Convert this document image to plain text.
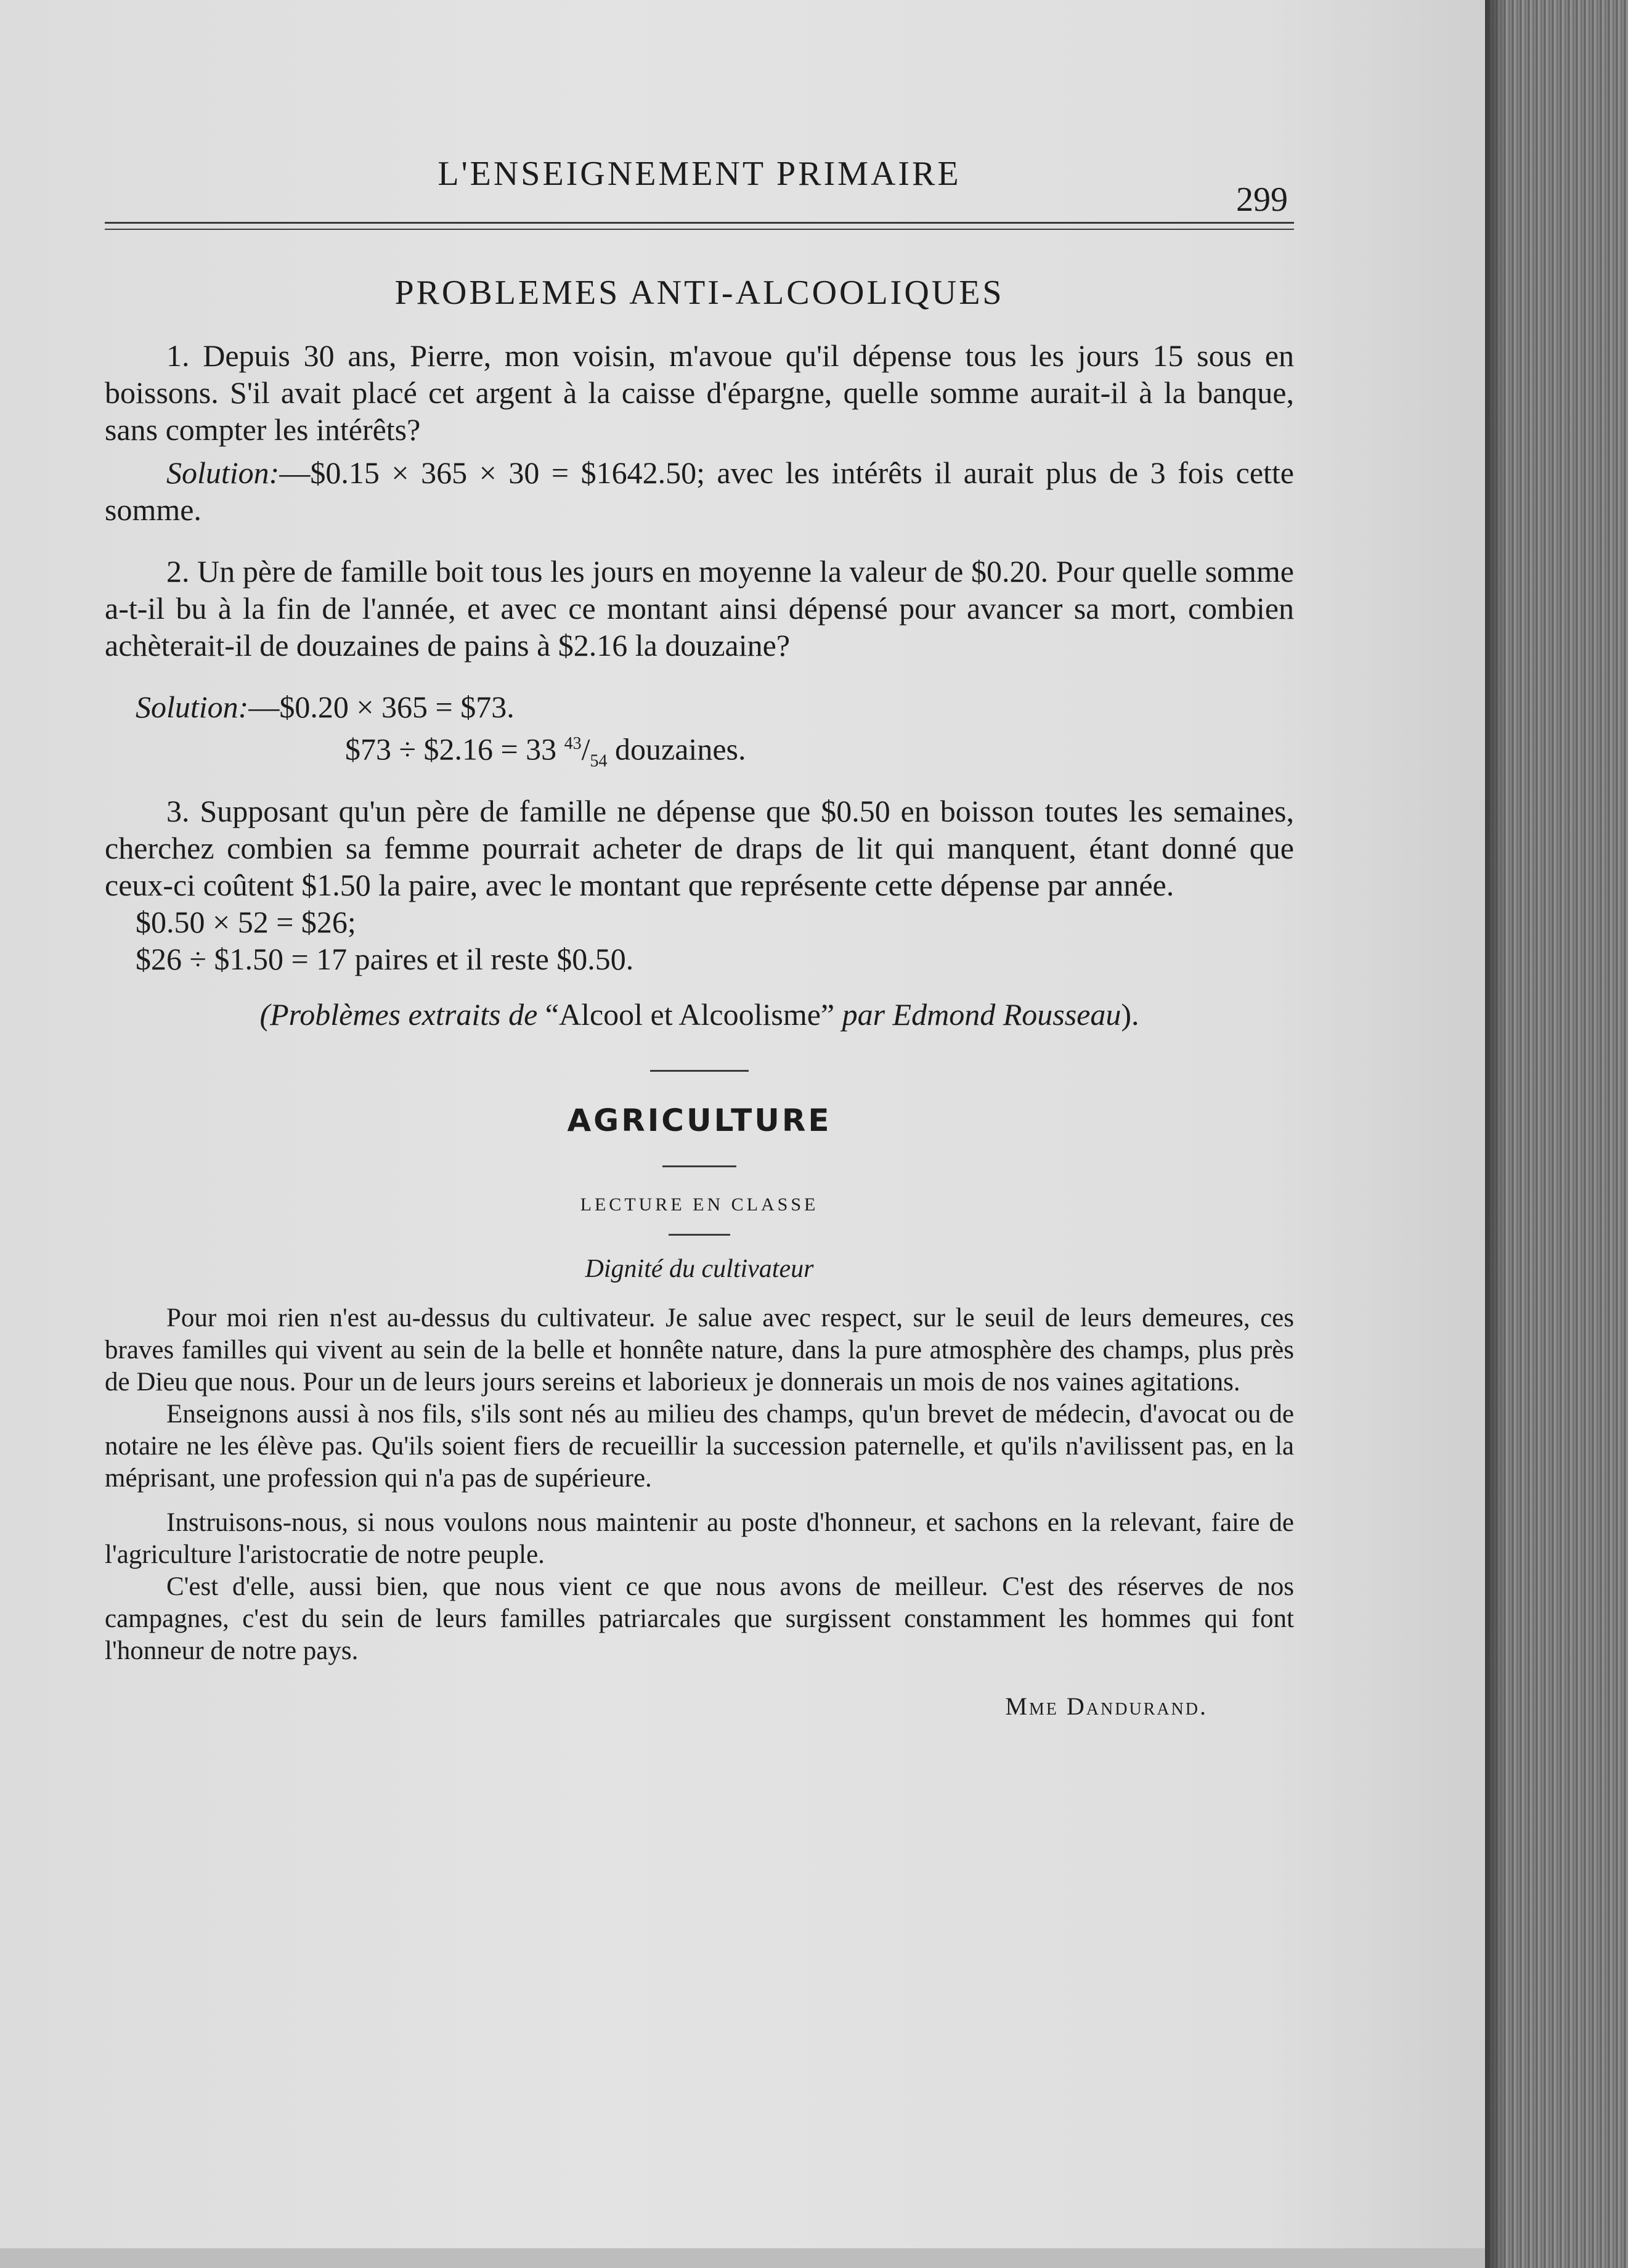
L'ENSEIGNEMENT PRIMAIRE
299
PROBLEMES ANTI-ALCOOLIQUES

1. Depuis 30 ans, Pierre, mon voisin, m'avoue qu'il dépense tous les jours 15 sous en boissons. S'il avait placé cet argent à la caisse d'épargne, quelle somme aurait-il à la banque, sans compter les intérêts?

Solution:—$0.15 × 365 × 30 = $1642.50; avec les intérêts il aurait plus de 3 fois cette somme.

2. Un père de famille boit tous les jours en moyenne la valeur de $0.20. Pour quelle somme a-t-il bu à la fin de l'année, et avec ce montant ainsi dépensé pour avancer sa mort, combien achèterait-il de douzaines de pains à $2.16 la douzaine?

Solution:—$0.20 × 365 = $73.

$73 ÷ $2.16 = 33 $^{43}/_{54}$ douzaines.

3. Supposant qu'un père de famille ne dépense que $0.50 en boisson toutes les semaines, cherchez combien sa femme pourrait acheter de draps de lit qui manquent, étant donné que ceux-ci coûtent $1.50 la paire, avec le montant que représente cette dépense par année.

$0.50 × 52 = $26;

$26 ÷ $1.50 = 17 paires et il reste $0.50.

(Problèmes extraits de “Alcool et Alcoolisme” par Edmond Rousseau).
AGRICULTURE
LECTURE EN CLASSE
Dignité du cultivateur

Pour moi rien n'est au-dessus du cultivateur. Je salue avec respect, sur le seuil de leurs demeures, ces braves familles qui vivent au sein de la belle et honnête nature, dans la pure atmosphère des champs, plus près de Dieu que nous. Pour un de leurs jours sereins et laborieux je donnerais un mois de nos vaines agitations.

Enseignons aussi à nos fils, s'ils sont nés au milieu des champs, qu'un brevet de médecin, d'avocat ou de notaire ne les élève pas. Qu'ils soient fiers de recueillir la succession paternelle, et qu'ils n'avilissent pas, en la méprisant, une profession qui n'a pas de supérieure.

Instruisons-nous, si nous voulons nous maintenir au poste d'honneur, et sachons en la relevant, faire de l'agriculture l'aristocratie de notre peuple.

C'est d'elle, aussi bien, que nous vient ce que nous avons de meilleur. C'est des réserves de nos campagnes, c'est du sein de leurs familles patriarcales que surgissent constamment les hommes qui font l'honneur de notre pays.

Mme Dandurand.
